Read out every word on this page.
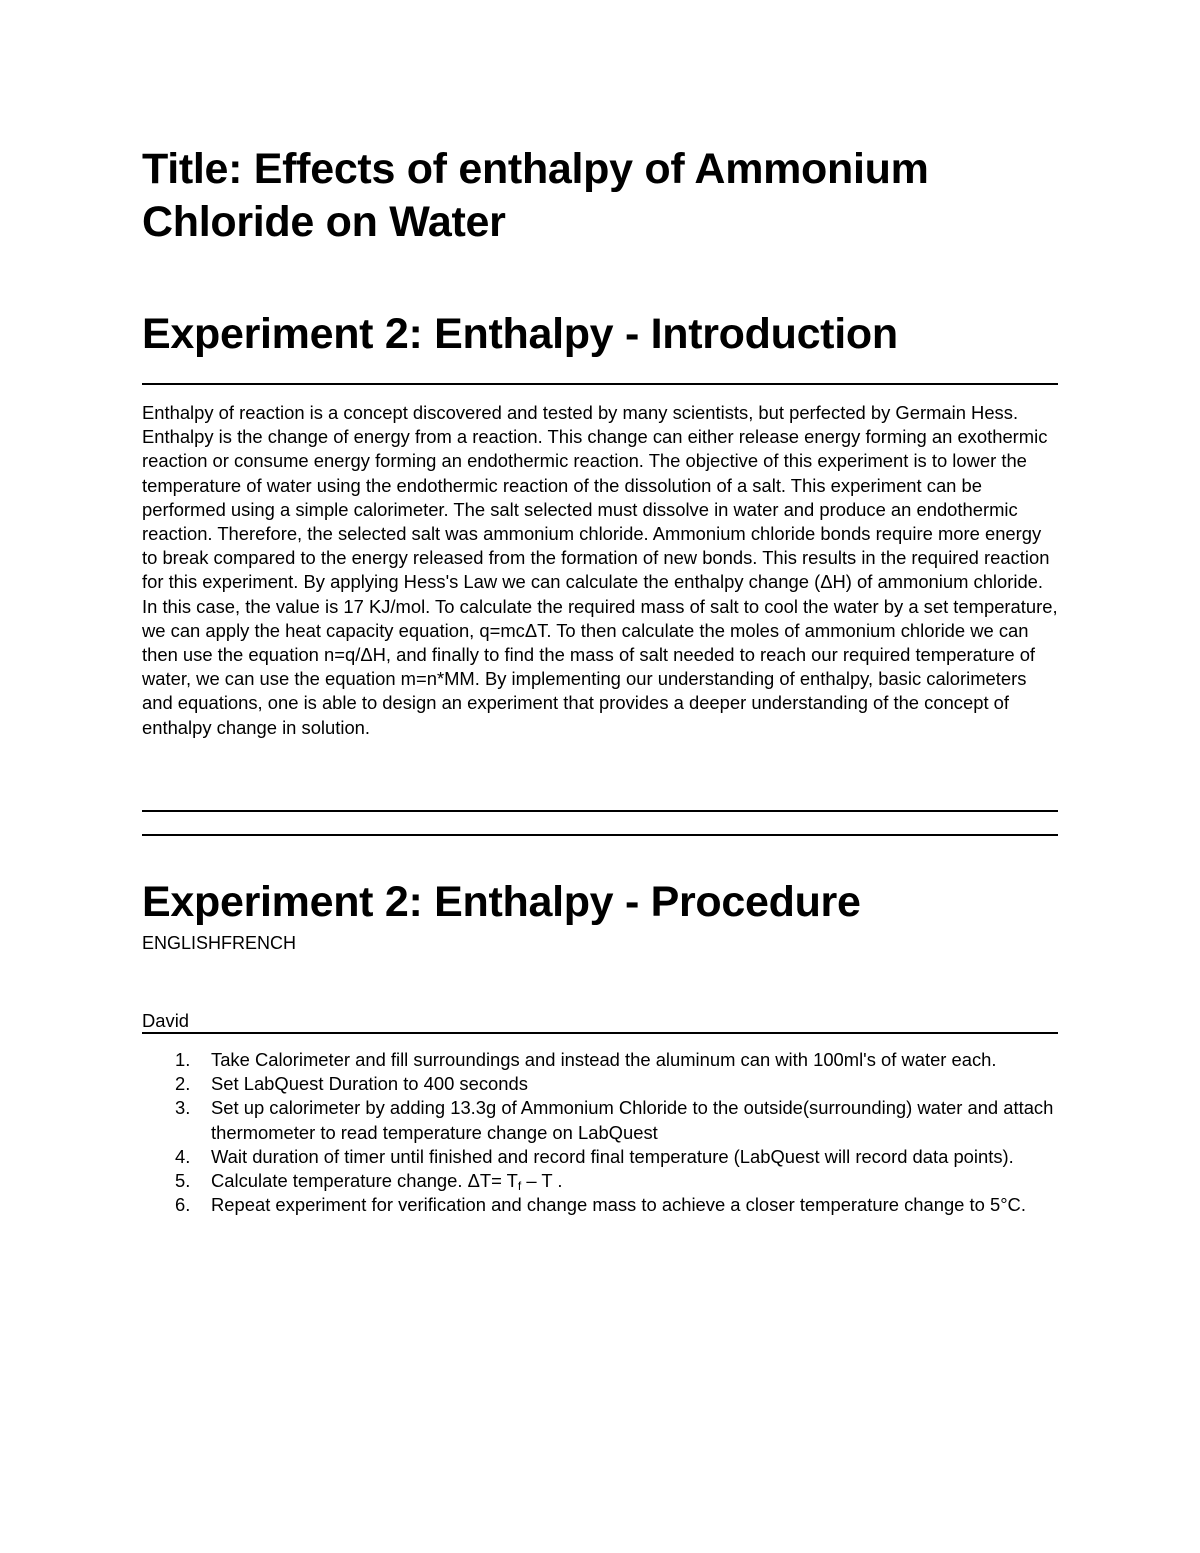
Title: Effects of enthalpy of Ammonium Chloride on Water
Experiment 2: Enthalpy - Introduction

Enthalpy of reaction is a concept discovered and tested by many scientists, but perfected by Germain Hess. Enthalpy is the change of energy from a reaction. This change can either release energy forming an exothermic reaction or consume energy forming an endothermic reaction. The objective of this experiment is to lower the temperature of water using the endothermic reaction of the dissolution of a salt. This experiment can be performed using a simple calorimeter. The salt selected must dissolve in water and produce an endothermic reaction. Therefore, the selected salt was ammonium chloride. Ammonium chloride bonds require more energy to break compared to the energy released from the formation of new bonds. This results in the required reaction for this experiment. By applying Hess's Law we can calculate the enthalpy change (ΔH) of ammonium chloride. In this case, the value is 17 KJ/mol. To calculate the required mass of salt to cool the water by a set temperature, we can apply the heat capacity equation, q=mcΔT. To then calculate the moles of ammonium chloride we can then use the equation n=q/ΔH, and finally to find the mass of salt needed to reach our required temperature of water, we can use the equation m=n*MM. By implementing our understanding of enthalpy, basic calorimeters and equations, one is able to design an experiment that provides a deeper understanding of the concept of enthalpy change in solution.

Experiment 2: Enthalpy - Procedure
ENGLISHFRENCH
David
1. Take Calorimeter and fill surroundings and instead the aluminum can with 100ml's of water each.
2. Set LabQuest Duration to 400 seconds
3. Set up calorimeter by adding 13.3g of Ammonium Chloride to the outside(surrounding) water and attach thermometer to read temperature change on LabQuest
4. Wait duration of timer until finished and record final temperature (LabQuest will record data points).
5. Calculate temperature change. $\Delta T= T_f - T$ .
6. Repeat experiment for verification and change mass to achieve a closer temperature change to 5°C.
